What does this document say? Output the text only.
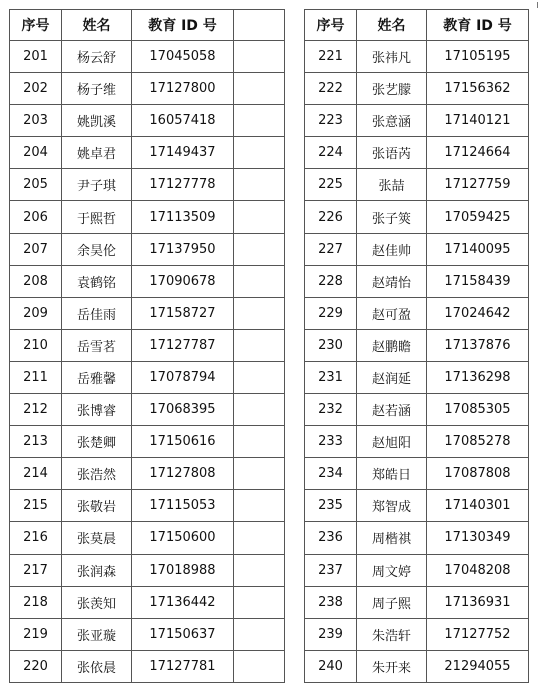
序号	姓名	教育 ID 号	
201	杨云舒	17045058	
202	杨子维	17127800	
203	姚凯溪	16057418	
204	姚卓君	17149437	
205	尹子琪	17127778	
206	于熙哲	17113509	
207	余昊伦	17137950	
208	袁鹤铭	17090678	
209	岳佳雨	17158727	
210	岳雪茗	17127787	
211	岳雅馨	17078794	
212	张博睿	17068395	
213	张楚卿	17150616	
214	张浩然	17127808	
215	张敬岩	17115053	
216	张莫晨	17150600	
217	张润森	17018988	
218	张羡知	17136442	
219	张亚璇	17150637	
220	张依晨	17127781	
序号	姓名	教育 ID 号
221	张祎凡	17105195
222	张艺朦	17156362
223	张意涵	17140121
224	张语芮	17124664
225	张喆	17127759
226	张子筴	17059425
227	赵佳帅	17140095
228	赵靖怡	17158439
229	赵可盈	17024642
230	赵鹏瞻	17137876
231	赵润延	17136298
232	赵若涵	17085305
233	赵旭阳	17085278
234	郑皓日	17087808
235	郑智成	17140301
236	周楷祺	17130349
237	周文婷	17048208
238	周子熙	17136931
239	朱浩轩	17127752
240	朱开来	21294055
